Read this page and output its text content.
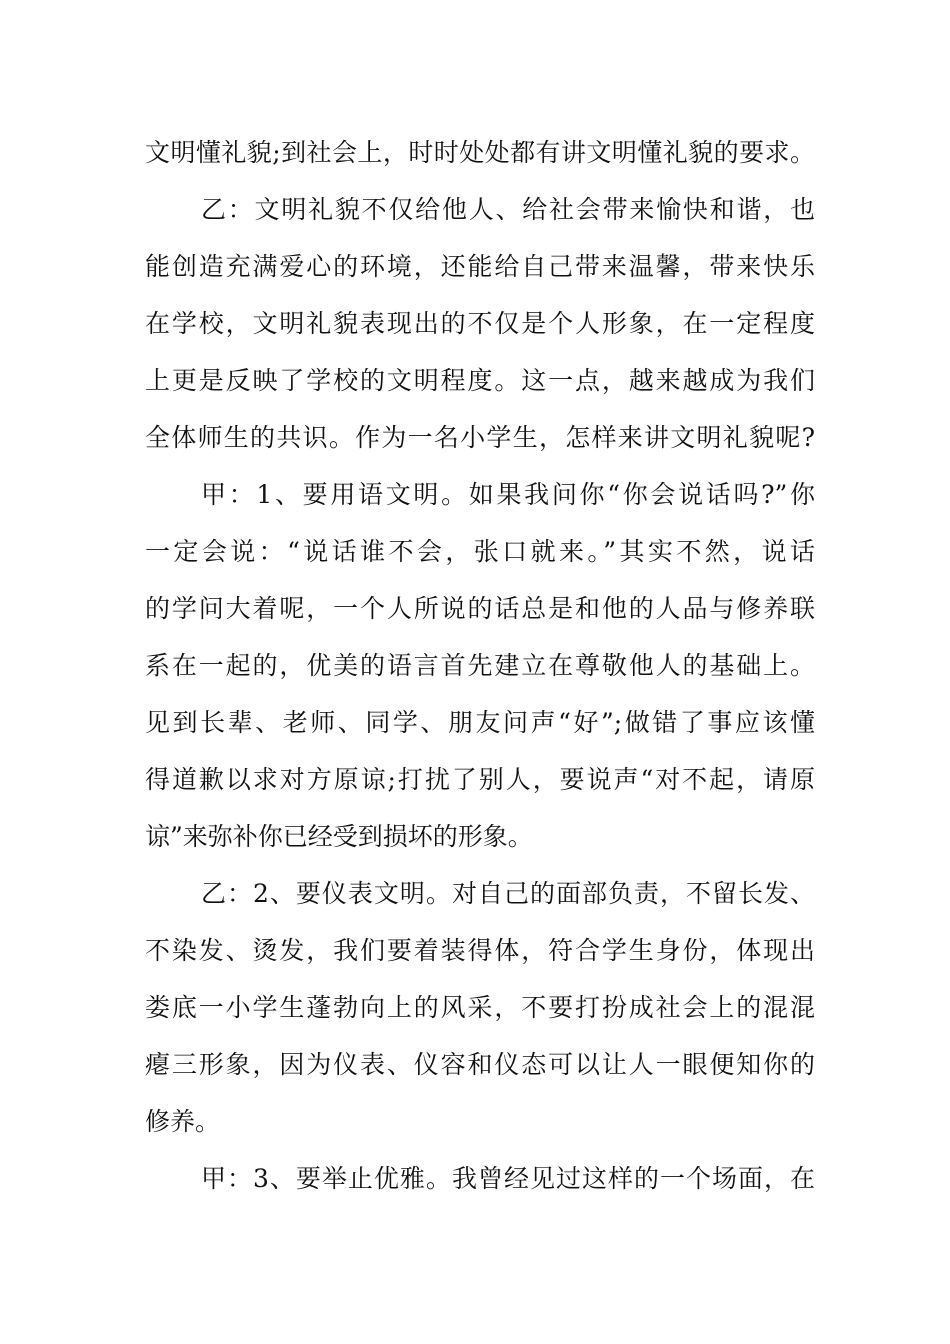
文明懂礼貌;到社会上，时时处处都有讲文明懂礼貌的要求。
乙：文明礼貌不仅给他人、给社会带来愉快和谐，也
能创造充满爱心的环境，还能给自己带来温馨，带来快乐
在学校，文明礼貌表现出的不仅是个人形象，在一定程度
上更是反映了学校的文明程度。这一点，越来越成为我们
全体师生的共识。作为一名小学生，怎样来讲文明礼貌呢?
甲：1、要用语文明。如果我问你“你会说话吗?”你
一定会说：“说话谁不会，张口就来。”其实不然，说话
的学问大着呢，一个人所说的话总是和他的人品与修养联
系在一起的，优美的语言首先建立在尊敬他人的基础上。
见到长辈、老师、同学、朋友问声“好”;做错了事应该懂
得道歉以求对方原谅;打扰了别人，要说声“对不起，请原
谅”来弥补你已经受到损坏的形象。
乙：2、要仪表文明。对自己的面部负责，不留长发、
不染发、烫发，我们要着装得体，符合学生身份，体现出
娄底一小学生蓬勃向上的风采，不要打扮成社会上的混混
瘪三形象，因为仪表、仪容和仪态可以让人一眼便知你的
修养。
甲：3、要举止优雅。我曾经见过这样的一个场面，在
